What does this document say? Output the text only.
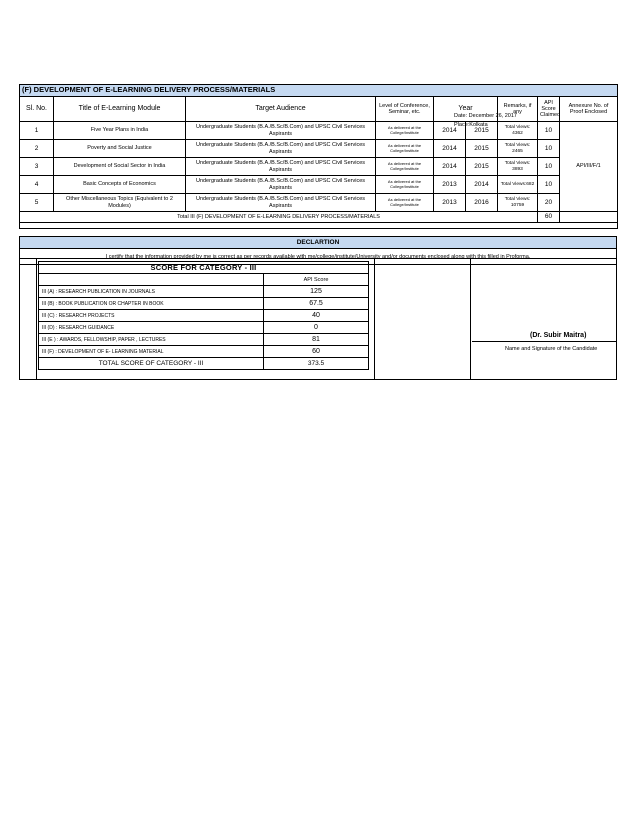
(F) DEVELOPMENT OF E-LEARNING DELIVERY PROCESS/MATERIALS								
Sl. No.	Title of E-Learning Module	Target Audience	Level of Conference, Seminar, etc.	Year		Remarks, if any	API Score Claimed	Annexure No. of Proof Enclosed
1	Five Year Plans in India	Undergraduate Students (B.A./B.Sc/B.Com) and UPSC Civil Services Aspirants	As delivered at the College/Institute	2014	2015	Total Views: 4362	10	API/III/F/1
2	Poverty and Social Justice	Undergraduate Students (B.A./B.Sc/B.Com) and UPSC Civil Services Aspirants	As delivered at the College/Institute	2014	2015	Total Views: 2465	10	
3	Development of Social Sector in India	Undergraduate Students (B.A./B.Sc/B.Com) and UPSC Civil Services Aspirants	As delivered at the College/Institute	2014	2015	Total Views: 3893	10	
4	Basic Concepts of Economics	Undergraduate Students (B.A./B.Sc/B.Com) and UPSC Civil Services Aspirants	As delivered at the College/Institute	2013	2014	Total Views:682	10	
5	Other Miscellaneous Topics (Equivalent to 2 Modules)	Undergraduate Students (B.A./B.Sc/B.Com) and UPSC Civil Services Aspirants	As delivered at the College/Institute	2013	2016	Total Views: 10759	20	
Total III (F) DEVELOPMENT OF E-LEARNING DELIVERY PROCESS/MATERIALS							60	

DECLARTION
I certify that the information provided by me is correct as per records available with me/college/institute/University and/or documents enclosed along with this filled in Proforma.
SCORE FOR CATEGORY - III	
	API Score
III (A) : RESEARCH PUBLICATION IN JOURNALS	125
III (B) : BOOK PUBLICATION OR CHAPTER IN BOOK	67.5
III (C) : RESEARCH PROJECTS	40
III (D) : RESEARCH GUIDANCE	0
III (E ) : AWARDS, FELLOWSHIP, PAPER , LECTURES	81
III (F) : DEVELOPMENT OF E- LEARNING MATERIAL	60
TOTAL SCORE OF CATEGORY - III	373.5
(Dr. Subir Maitra)
Name and Signature of the Candidate
Date: December 26, 2017
Place:Kolkata
